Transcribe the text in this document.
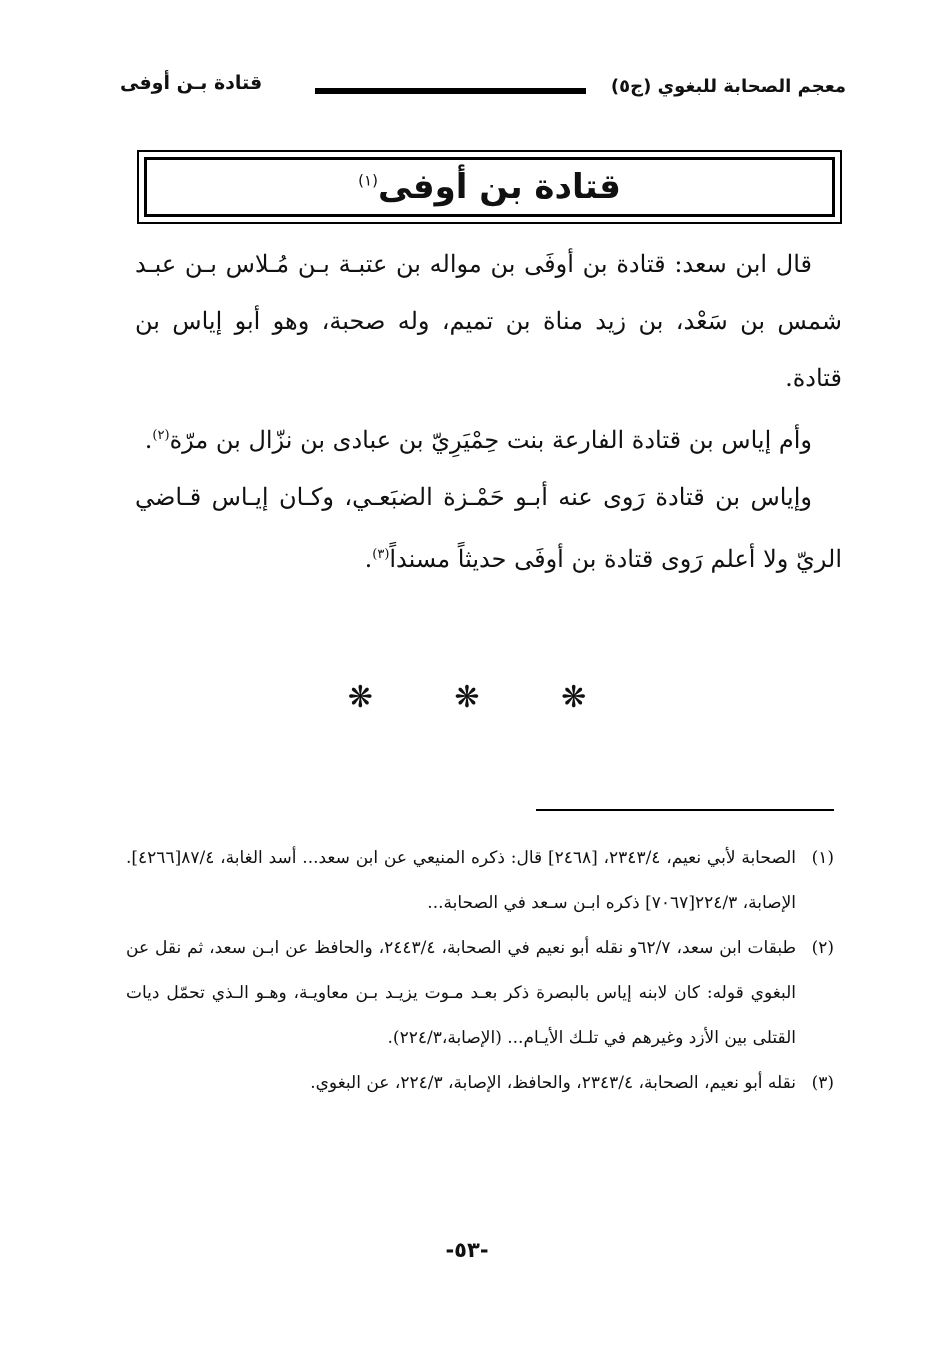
معجم الصحابة للبغوي (ج٥)
قتادة بـن أوفى
قتادة بن أوفى$^{(١)}$

قال ابن سعد: قتادة بن أوفَى بن مواله بن عتبـة بـن مُـلاس بـن عبـد شمس بن سَعْد، بن زيد مناة بن تميم، وله صحبة، وهو أبو إياس بن قتادة.

وأم إياس بن قتادة الفارعة بنت حِمْيَرِيّ بن عبادى بن نزّال بن مرّة$^{(٢)}$.

وإياس بن قتادة رَوى عنه أبـو حَمْـزة الضبَعـي، وكـان إيـاس قـاضي الريّ ولا أعلم رَوى قتادة بن أوفَى حديثاً مسنداً$^{(٣)}$.

❋ ❋ ❋
(١)
الصحابة لأبي نعيم، ٢٣٤٣/٤، [٢٤٦٨] قال: ذكره المنيعي عن ابن سعد... أسد الغابة، ٨٧/٤[٤٢٦٦]. الإصابة، ٢٢٤/٣[٧٠٦٧] ذكره ابـن سـعد في الصحابة...
(٢)
طبقات ابن سعد، ٦٢/٧و نقله أبو نعيم في الصحابة، ٢٤٤٣/٤، والحافظ عن ابـن سعد، ثم نقل عن البغوي قوله: كان لابنه إياس بالبصرة ذكر بعـد مـوت يزيـد بـن معاويـة، وهـو الـذي تحمّل ديات القتلى بين الأزد وغيرهم في تلـك الأيـام... (الإصابة،٢٢٤/٣).
(٣)
نقله أبو نعيم، الصحابة، ٢٣٤٣/٤، والحافظ، الإصابة، ٢٢٤/٣، عن البغوي.
-٥٣-
